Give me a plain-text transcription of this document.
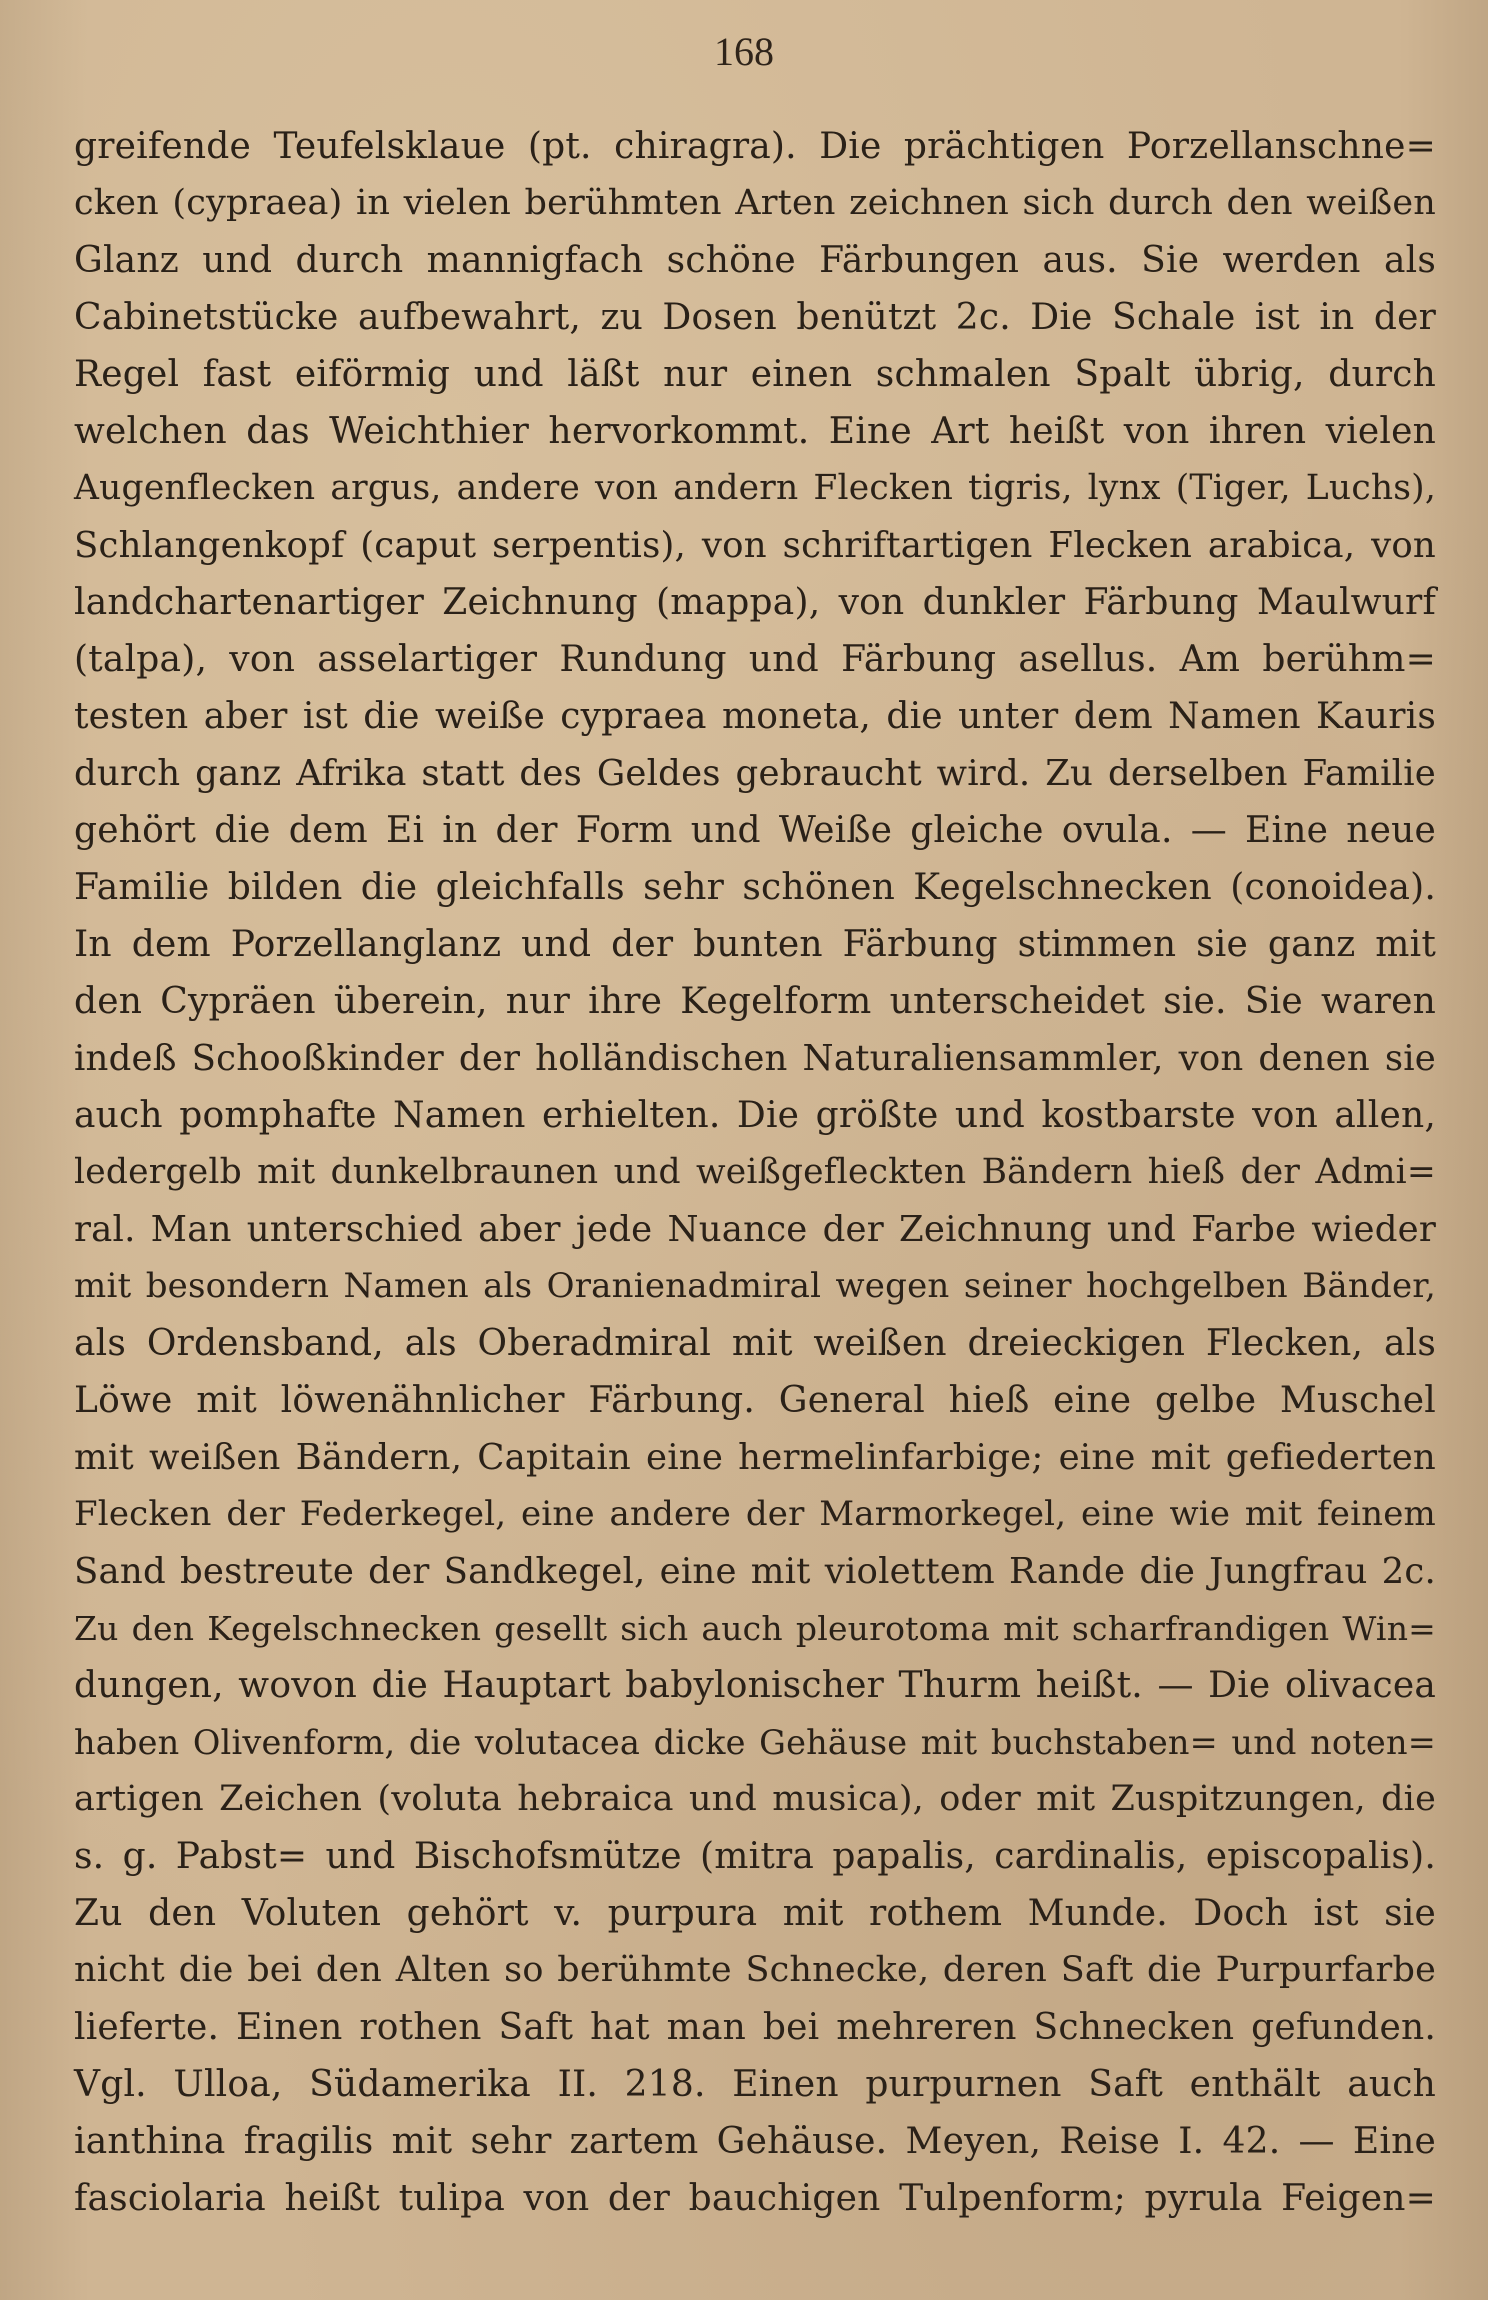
168
greifende Teufelsklaue (pt. chiragra). Die prächtigen Porzellanschne=
cken (cypraea) in vielen berühmten Arten zeichnen sich durch den weißen
Glanz und durch mannigfach schöne Färbungen aus. Sie werden als
Cabinetstücke aufbewahrt, zu Dosen benützt 2c. Die Schale ist in der
Regel fast eiförmig und läßt nur einen schmalen Spalt übrig, durch
welchen das Weichthier hervorkommt. Eine Art heißt von ihren vielen
Augenflecken argus, andere von andern Flecken tigris, lynx (Tiger, Luchs),
Schlangenkopf (caput serpentis), von schriftartigen Flecken arabica, von
landchartenartiger Zeichnung (mappa), von dunkler Färbung Maulwurf
(talpa), von asselartiger Rundung und Färbung asellus. Am berühm=
testen aber ist die weiße cypraea moneta, die unter dem Namen Kauris
durch ganz Afrika statt des Geldes gebraucht wird. Zu derselben Familie
gehört die dem Ei in der Form und Weiße gleiche ovula. — Eine neue
Familie bilden die gleichfalls sehr schönen Kegelschnecken (conoidea).
In dem Porzellanglanz und der bunten Färbung stimmen sie ganz mit
den Cypräen überein, nur ihre Kegelform unterscheidet sie. Sie waren
indeß Schooßkinder der holländischen Naturaliensammler, von denen sie
auch pomphafte Namen erhielten. Die größte und kostbarste von allen,
ledergelb mit dunkelbraunen und weißgefleckten Bändern hieß der Admi=
ral. Man unterschied aber jede Nuance der Zeichnung und Farbe wieder
mit besondern Namen als Oranienadmiral wegen seiner hochgelben Bänder,
als Ordensband, als Oberadmiral mit weißen dreieckigen Flecken, als
Löwe mit löwenähnlicher Färbung. General hieß eine gelbe Muschel
mit weißen Bändern, Capitain eine hermelinfarbige; eine mit gefiederten
Flecken der Federkegel, eine andere der Marmorkegel, eine wie mit feinem
Sand bestreute der Sandkegel, eine mit violettem Rande die Jungfrau 2c.
Zu den Kegelschnecken gesellt sich auch pleurotoma mit scharfrandigen Win=
dungen, wovon die Hauptart babylonischer Thurm heißt. — Die olivacea
haben Olivenform, die volutacea dicke Gehäuse mit buchstaben= und noten=
artigen Zeichen (voluta hebraica und musica), oder mit Zuspitzungen, die
s. g. Pabst= und Bischofsmütze (mitra papalis, cardinalis, episcopalis).
Zu den Voluten gehört v. purpura mit rothem Munde. Doch ist sie
nicht die bei den Alten so berühmte Schnecke, deren Saft die Purpurfarbe
lieferte. Einen rothen Saft hat man bei mehreren Schnecken gefunden.
Vgl. Ulloa, Südamerika II. 218. Einen purpurnen Saft enthält auch
ianthina fragilis mit sehr zartem Gehäuse. Meyen, Reise I. 42. — Eine
fasciolaria heißt tulipa von der bauchigen Tulpenform; pyrula Feigen=
